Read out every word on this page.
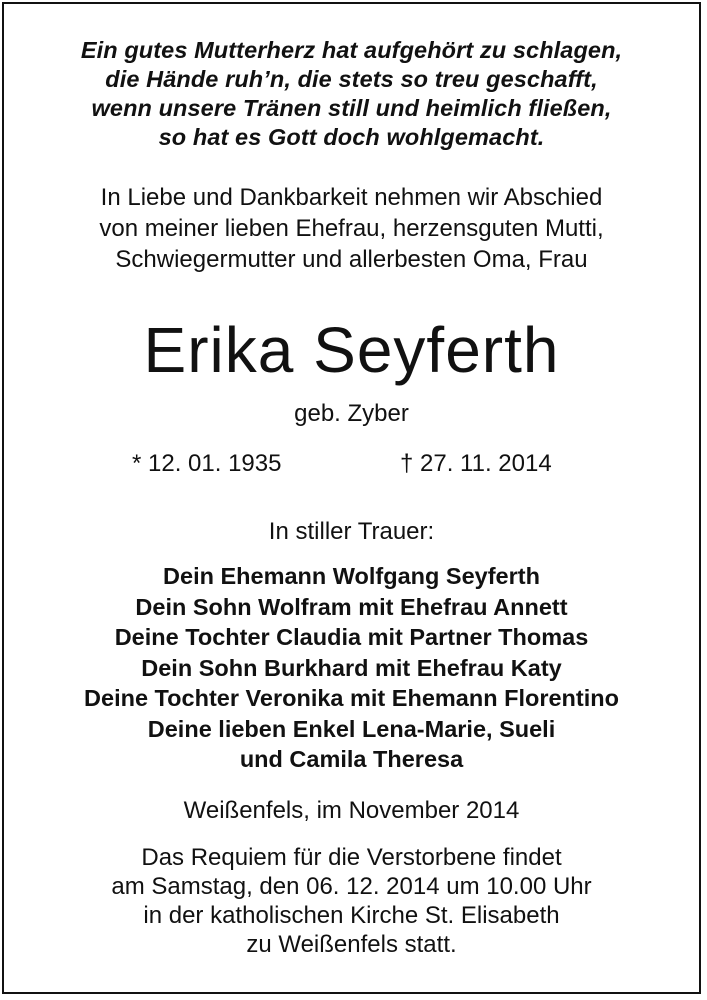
Ein gutes Mutterherz hat aufgehört zu schlagen,
die Hände ruh’n, die stets so treu geschafft,
wenn unsere Tränen still und heimlich fließen,
so hat es Gott doch wohlgemacht.
In Liebe und Dankbarkeit nehmen wir Abschied
von meiner lieben Ehefrau, herzensguten Mutti,
Schwiegermutter und allerbesten Oma, Frau
Erika Seyferth
geb. Zyber
* 12. 01. 1935	† 27. 11. 2014
In stiller Trauer:
Dein Ehemann Wolfgang Seyferth
Dein Sohn Wolfram mit Ehefrau Annett
Deine Tochter Claudia mit Partner Thomas
Dein Sohn Burkhard mit Ehefrau Katy
Deine Tochter Veronika mit Ehemann Florentino
Deine lieben Enkel Lena-Marie, Sueli
und Camila Theresa
Weißenfels, im November 2014
Das Requiem für die Verstorbene findet
am Samstag, den 06. 12. 2014 um 10.00 Uhr
in der katholischen Kirche St. Elisabeth
zu Weißenfels statt.
